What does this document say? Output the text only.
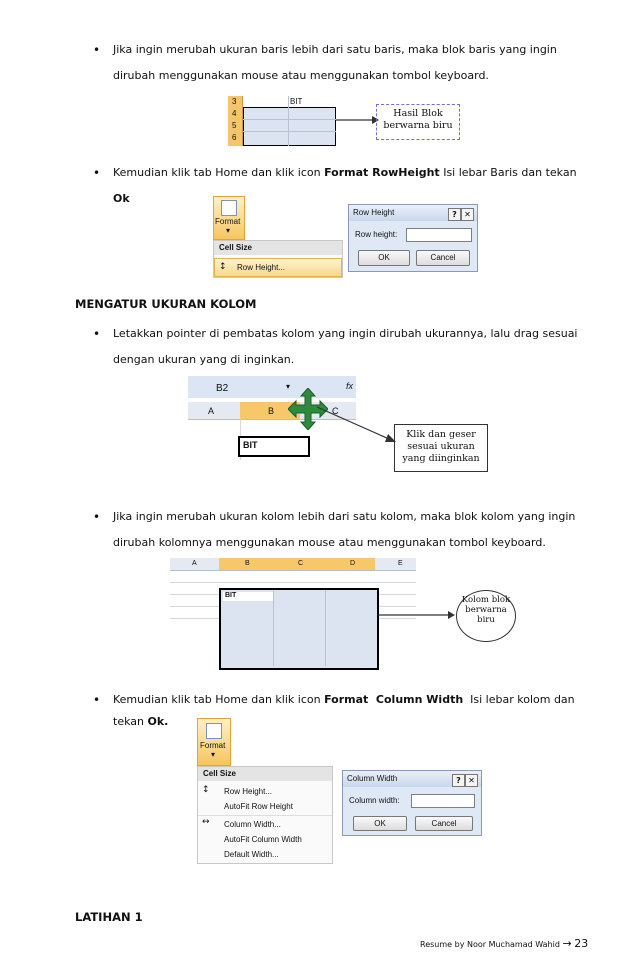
• Jika ingin merubah ukuran baris lebih dari satu baris, maka blok baris yang ingin
dirubah menggunakan mouse atau menggunakan tombol keyboard.
3
4
5
6
BIT
Hasil Blok berwarna biru
• Kemudian klik tab Home dan klik icon Format RowHeight Isi lebar Baris dan tekan
Ok
Format
▾
Cell Size
↕ Row Height...
Row Height	? ✕
Row height:
OK	Cancel
MENGATUR UKURAN KOLOM
• Letakkan pointer di pembatas kolom yang ingin dirubah ukurannya, lalu drag sesuai
dengan ukuran yang di inginkan.
B2	▾	fx
A	B	C
BIT
Klik dan geser sesuai ukuran yang diinginkan
• Jika ingin merubah ukuran kolom lebih dari satu kolom, maka blok kolom yang ingin
dirubah kolomnya menggunakan mouse atau menggunakan tombol keyboard.
A	B	C	D	E
BIT	Kolom blok berwarna biru
• Kemudian klik tab Home dan klik icon Format  Column Width  Isi lebar kolom dan
tekan Ok.
Format
▾
Cell Size
↕ Row Height...
AutoFit Row Height
↔ Column Width...
AutoFit Column Width
Default Width...
Column Width	? ✕
Column width:
OK	Cancel
LATIHAN 1
Resume by Noor Muchamad Wahid → 23
